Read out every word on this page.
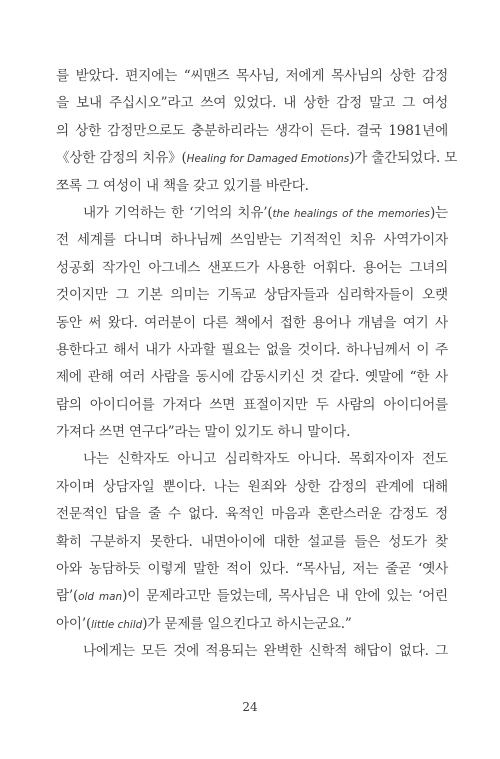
를 받았다. 편지에는 “씨맨즈 목사님, 저에게 목사님의 상한 감정
을 보내 주십시오”라고 쓰여 있었다. 내 상한 감정 말고 그 여성
의 상한 감정만으로도 충분하리라는 생각이 든다. 결국 1981년에
《상한 감정의 치유》(Healing for Damaged Emotions)가 출간되었다. 모
쪼록 그 여성이 내 책을 갖고 있기를 바란다.
내가 기억하는 한 ‘기억의 치유’(the healings of the memories)는
전 세계를 다니며 하나님께 쓰임받는 기적적인 치유 사역가이자
성공회 작가인 아그네스 샌포드가 사용한 어휘다. 용어는 그녀의
것이지만 그 기본 의미는 기독교 상담자들과 심리학자들이 오랫
동안 써 왔다. 여러분이 다른 책에서 접한 용어나 개념을 여기 사
용한다고 해서 내가 사과할 필요는 없을 것이다. 하나님께서 이 주
제에 관해 여러 사람을 동시에 감동시키신 것 같다. 옛말에 “한 사
람의 아이디어를 가져다 쓰면 표절이지만 두 사람의 아이디어를
가져다 쓰면 연구다”라는 말이 있기도 하니 말이다.
나는 신학자도 아니고 심리학자도 아니다. 목회자이자 전도
자이며 상담자일 뿐이다. 나는 원죄와 상한 감정의 관계에 대해
전문적인 답을 줄 수 없다. 육적인 마음과 혼란스러운 감정도 정
확히 구분하지 못한다. 내면아이에 대한 설교를 들은 성도가 찾
아와 농담하듯 이렇게 말한 적이 있다. “목사님, 저는 줄곧 ‘옛사
람’(old man)이 문제라고만 들었는데, 목사님은 내 안에 있는 ‘어린
아이’(little child)가 문제를 일으킨다고 하시는군요.”
나에게는 모든 것에 적용되는 완벽한 신학적 해답이 없다. 그
24
